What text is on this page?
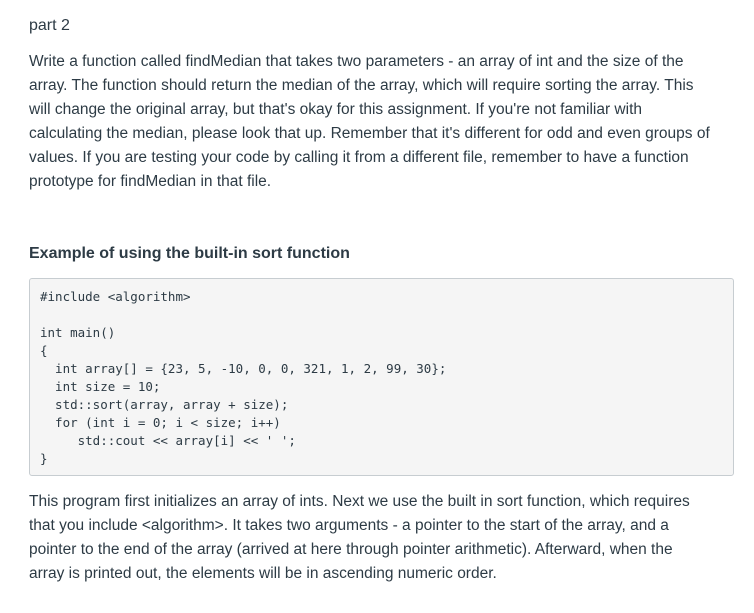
part 2

Write a function called findMedian that takes two parameters - an array of int and the size of the
array. The function should return the median of the array, which will require sorting the array. This
will change the original array, but that's okay for this assignment. If you're not familiar with
calculating the median, please look that up. Remember that it's different for odd and even groups of
values. If you are testing your code by calling it from a different file, remember to have a function
prototype for findMedian in that file.

Example of using the built-in sort function
#include <algorithm>
int main()
{
int array[] = {23, 5, -10, 0, 0, 321, 1, 2, 99, 30};
int size = 10;
std::sort(array, array + size);
for (int i = 0; i < size; i++)
std::cout << array[i] << ' ';
}

This program first initializes an array of ints. Next we use the built in sort function, which requires
that you include <algorithm>. It takes two arguments - a pointer to the start of the array, and a
pointer to the end of the array (arrived at here through pointer arithmetic). Afterward, when the
array is printed out, the elements will be in ascending numeric order.
